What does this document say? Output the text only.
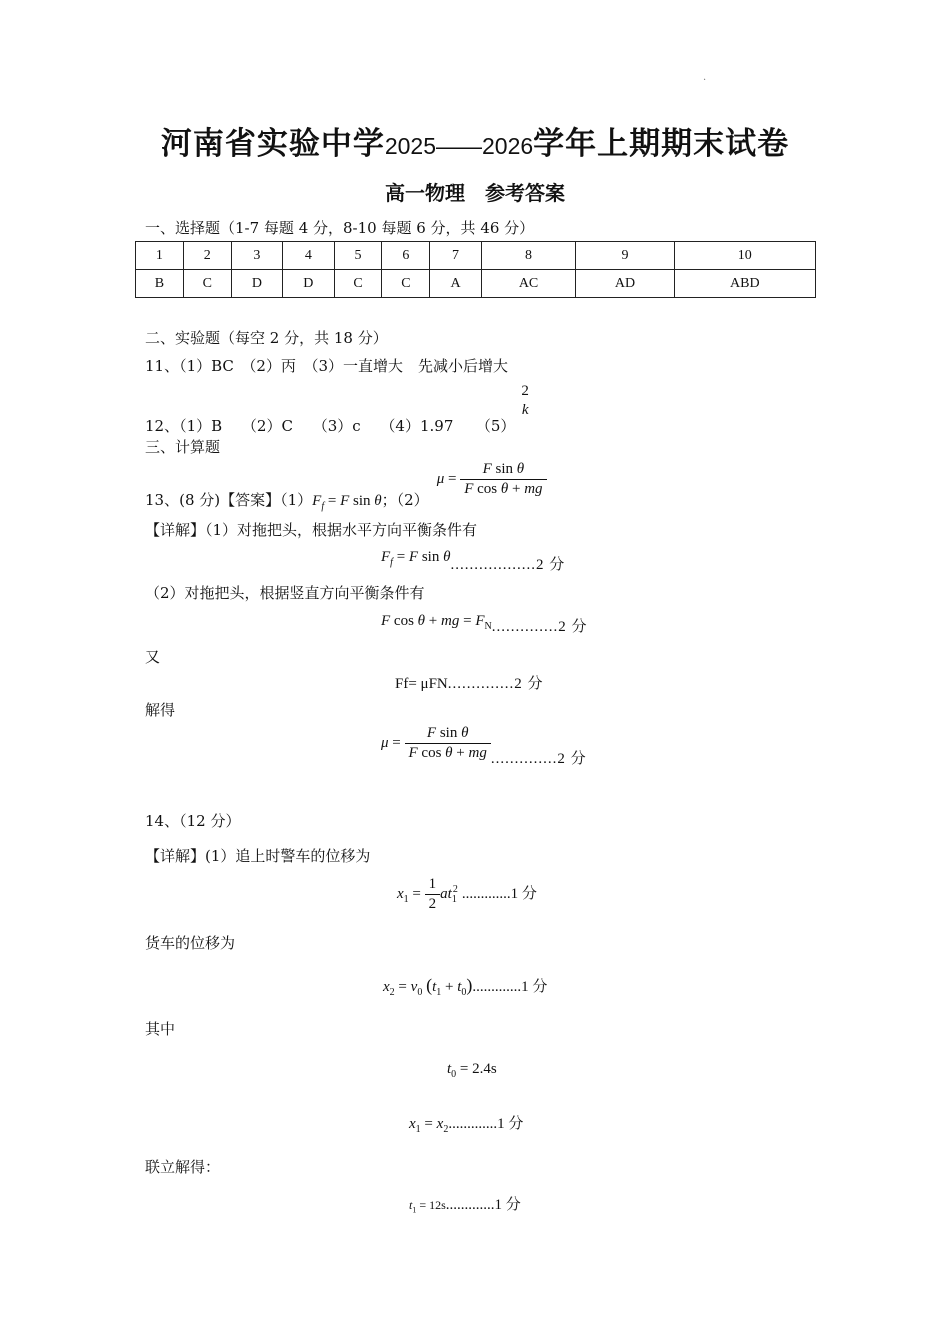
.
河南省实验中学2025——2026学年上期期末试卷
高一物理　参考答案
一、选择题（1-7 每题 4 分，8-10 每题 6 分，共 46 分）
1	2	3	4	5	6	7	8	9	10
B	C	D	D	C	C	A	AC	AD	ABD
二、实验题（每空 2 分，共 18 分）
11、（1）BC　（2）丙　（3）一直增大　先减小后增大
12、（1）B　 （2）C　 （3）c　 （4）1.97　　（5）
2
k
三、计算题
13、(8 分)【答案】$(1)F_f = F$ sin θ；$(2)\mu = \frac{\text{F sin θ}}{\text{F cos θ + mg}}$
【详解】（1）对拖把头，根据水平方向平衡条件有
$F_f = F$ sin θ..................2 分
（2）对拖把头，根据竖直方向平衡条件有
F cos θ + mg = $F_N..............2$ 分
又
Ff= μFN..............2 分
解得
$\mu = \frac{\text{F sin θ}}{\text{F cos θ + mg}} ..............2$ 分
14、（12 分）
【详解】(1）追上时警车的位移为
$x_1 = \frac{1}{2} at_1^2$ .............1 分
货车的位移为
$x_2 = v_0$ $(t_1 + t_0).............1$ 分
其中
$t_0 = 2.4s$
$x_1 = x_2.............1$ 分
联立解得：
$t_1 = 12s.............1$ 分
